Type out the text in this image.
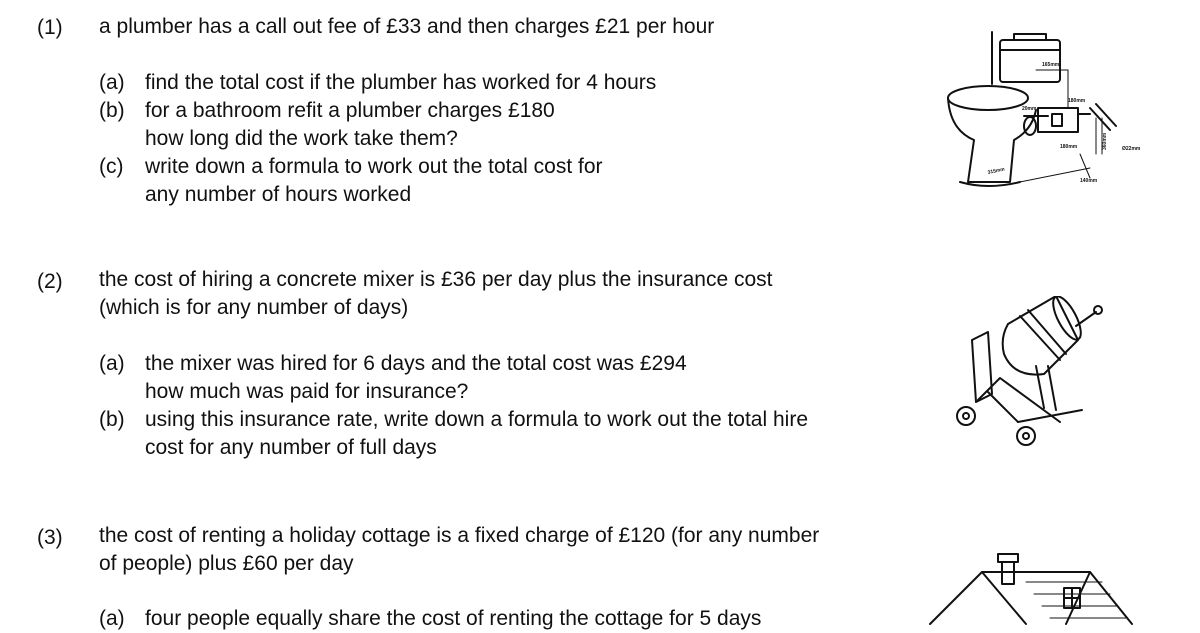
(1) a plumber has a call out fee of £33 and then charges £21 per hour
(a) find the total cost if the plumber has worked for 4 hours
(b) for a bathroom refit a plumber charges £180
how long did the work take them?
(c) write down a formula to work out the total cost for
any number of hours worked
(2) the cost of hiring a concrete mixer is £36 per day plus the insurance cost
(which is for any number of days)
(a) the mixer was hired for 6 days and the total cost was £294
how much was paid for insurance?
(b) using this insurance rate, write down a formula to work out the total hire
cost for any number of full days
(3) the cost of renting a holiday cottage is a fixed charge of £120 (for any number
of people) plus £60 per day
(a) four people equally share the cost of renting the cottage for 5 days
165mm
180mm
20mm
180mm	360mm	Ø22mm
140mm
315mm
